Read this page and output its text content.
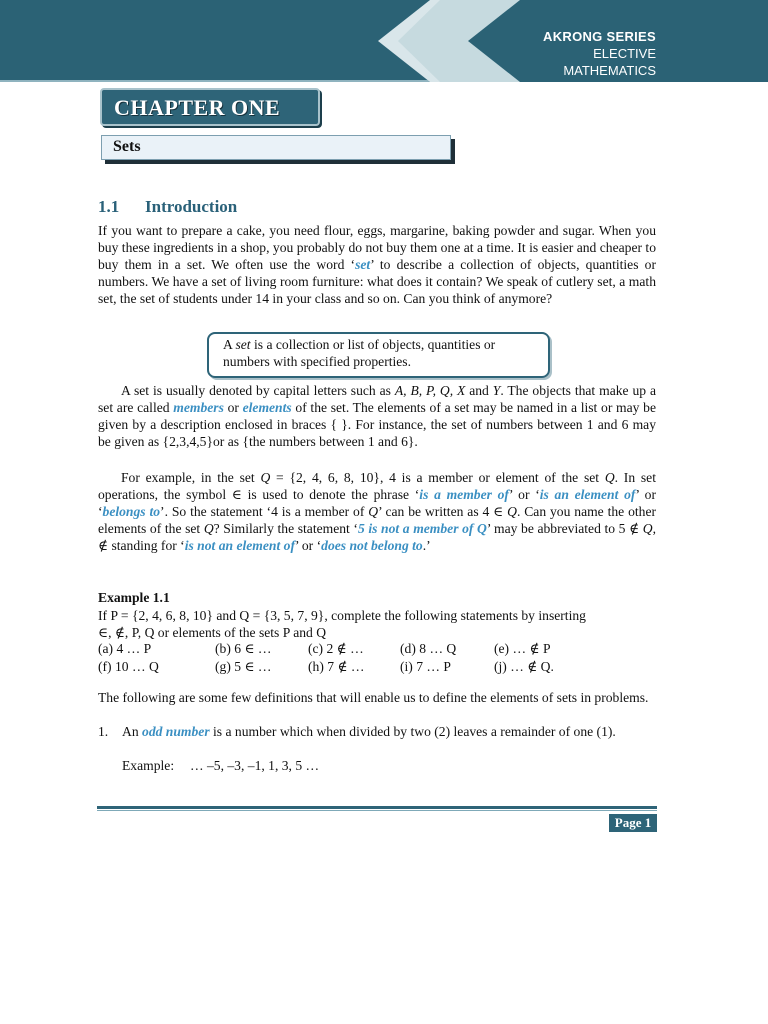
AKRONG SERIES
ELECTIVE
MATHEMATICS
CHAPTER ONE
Sets
1.1 Introduction

If you want to prepare a cake, you need flour, eggs, margarine, baking powder and sugar. When you buy these ingredients in a shop, you probably do not buy them one at a time. It is easier and cheaper to buy them in a set. We often use the word ‘set’ to describe a collection of objects, quantities or numbers. We have a set of living room furniture: what does it contain? We speak of cutlery set, a math set, the set of students under 14 in your class and so on. Can you think of anymore?

A set is a collection or list of objects, quantities or numbers with specified properties.

A set is usually denoted by capital letters such as A, B, P, Q, X and Y. The objects that make up a set are called members or elements of the set. The elements of a set may be named in a list or may be given by a description enclosed in braces { }. For instance, the set of numbers between 1 and 6 may be given as {2,3,4,5}or as {the numbers between 1 and 6}.

For example, in the set Q = {2, 4, 6, 8, 10}, 4 is a member or element of the set Q. In set operations, the symbol ∈ is used to denote the phrase ‘is a member of’ or ‘is an element of’ or ‘belongs to’. So the statement ‘4 is a member of Q’ can be written as 4 ∈ Q. Can you name the other elements of the set Q? Similarly the statement ‘5 is not a member of Q’ may be abbreviated to 5 ∉ Q, ∉ standing for ‘is not an element of’ or ‘does not belong to.’

Example 1.1
If P = {2, 4, 6, 8, 10} and Q = {3, 5, 7, 9}, complete the following statements by inserting
∈, ∉, P, Q or elements of the sets P and Q
(a) 4 … P	(b) 6 ∈ …	(c) 2 ∉ …	(d) 8 … Q	(e) … ∉ P
(f) 10 … Q	(g) 5 ∈ …	(h) 7 ∉ …	(i) 7 … P	(j) … ∉ Q.

The following are some few definitions that will enable us to define the elements of sets in problems.

1. An odd number is a number which when divided by two (2) leaves a remainder of one (1).
Example: … –5, –3, –1, 1, 3, 5 …
Page 1
